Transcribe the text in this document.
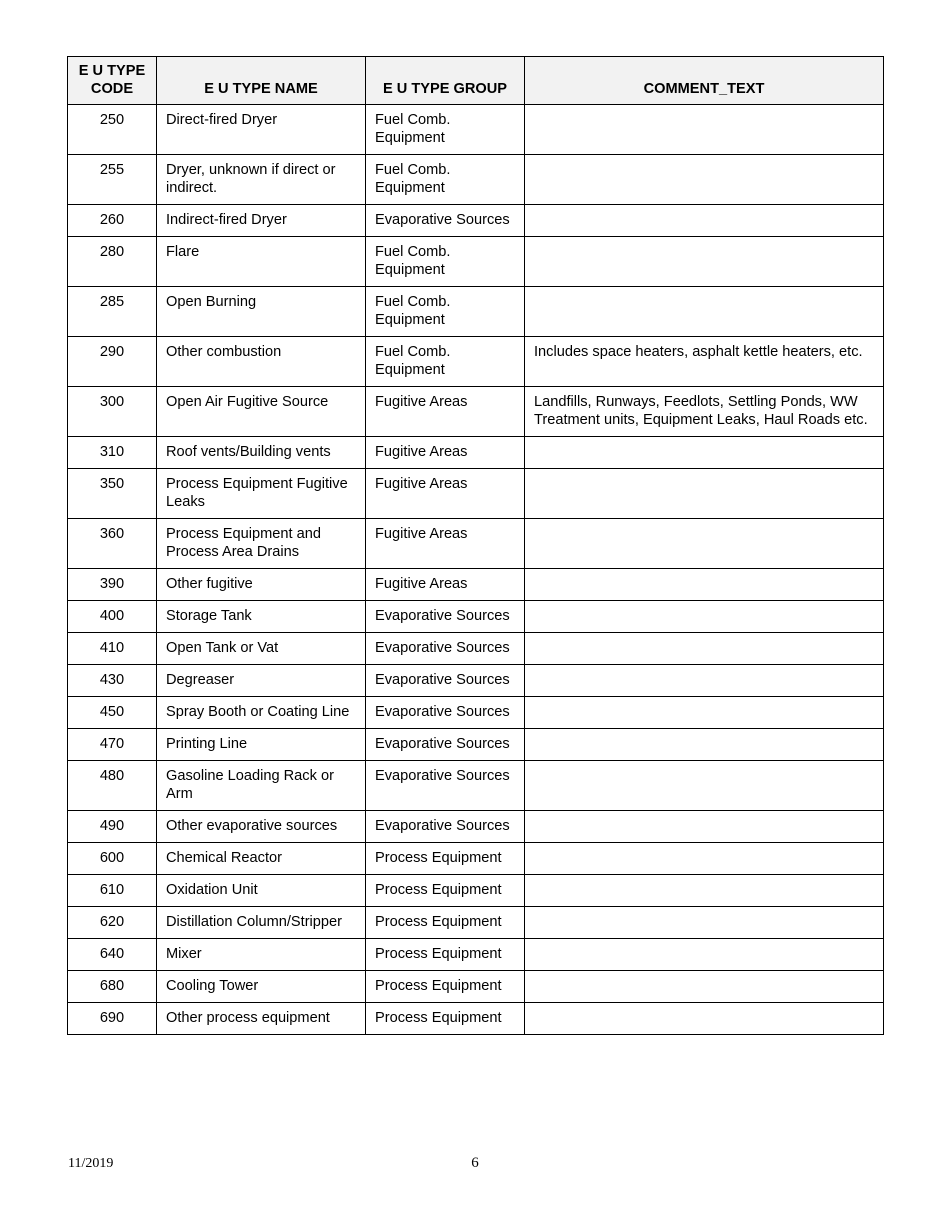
E U TYPE CODE	E U TYPE NAME	E U TYPE GROUP	COMMENT_TEXT
250	Direct-fired Dryer	Fuel Comb. Equipment	
255	Dryer, unknown if direct or indirect.	Fuel Comb. Equipment	
260	Indirect-fired Dryer	Evaporative Sources	
280	Flare	Fuel Comb. Equipment	
285	Open Burning	Fuel Comb. Equipment	
290	Other combustion	Fuel Comb. Equipment	Includes space heaters, asphalt kettle heaters, etc.
300	Open Air Fugitive Source	Fugitive Areas	Landfills, Runways, Feedlots, Settling Ponds, WW Treatment units, Equipment Leaks, Haul Roads etc.
310	Roof vents/Building vents	Fugitive Areas	
350	Process Equipment Fugitive Leaks	Fugitive Areas	
360	Process Equipment and Process Area Drains	Fugitive Areas	
390	Other fugitive	Fugitive Areas	
400	Storage Tank	Evaporative Sources	
410	Open Tank or Vat	Evaporative Sources	
430	Degreaser	Evaporative Sources	
450	Spray Booth or Coating Line	Evaporative Sources	
470	Printing Line	Evaporative Sources	
480	Gasoline Loading Rack or Arm	Evaporative Sources	
490	Other evaporative sources	Evaporative Sources	
600	Chemical Reactor	Process Equipment	
610	Oxidation Unit	Process Equipment	
620	Distillation Column/Stripper	Process Equipment	
640	Mixer	Process Equipment	
680	Cooling Tower	Process Equipment	
690	Other process equipment	Process Equipment	
11/2019	6
